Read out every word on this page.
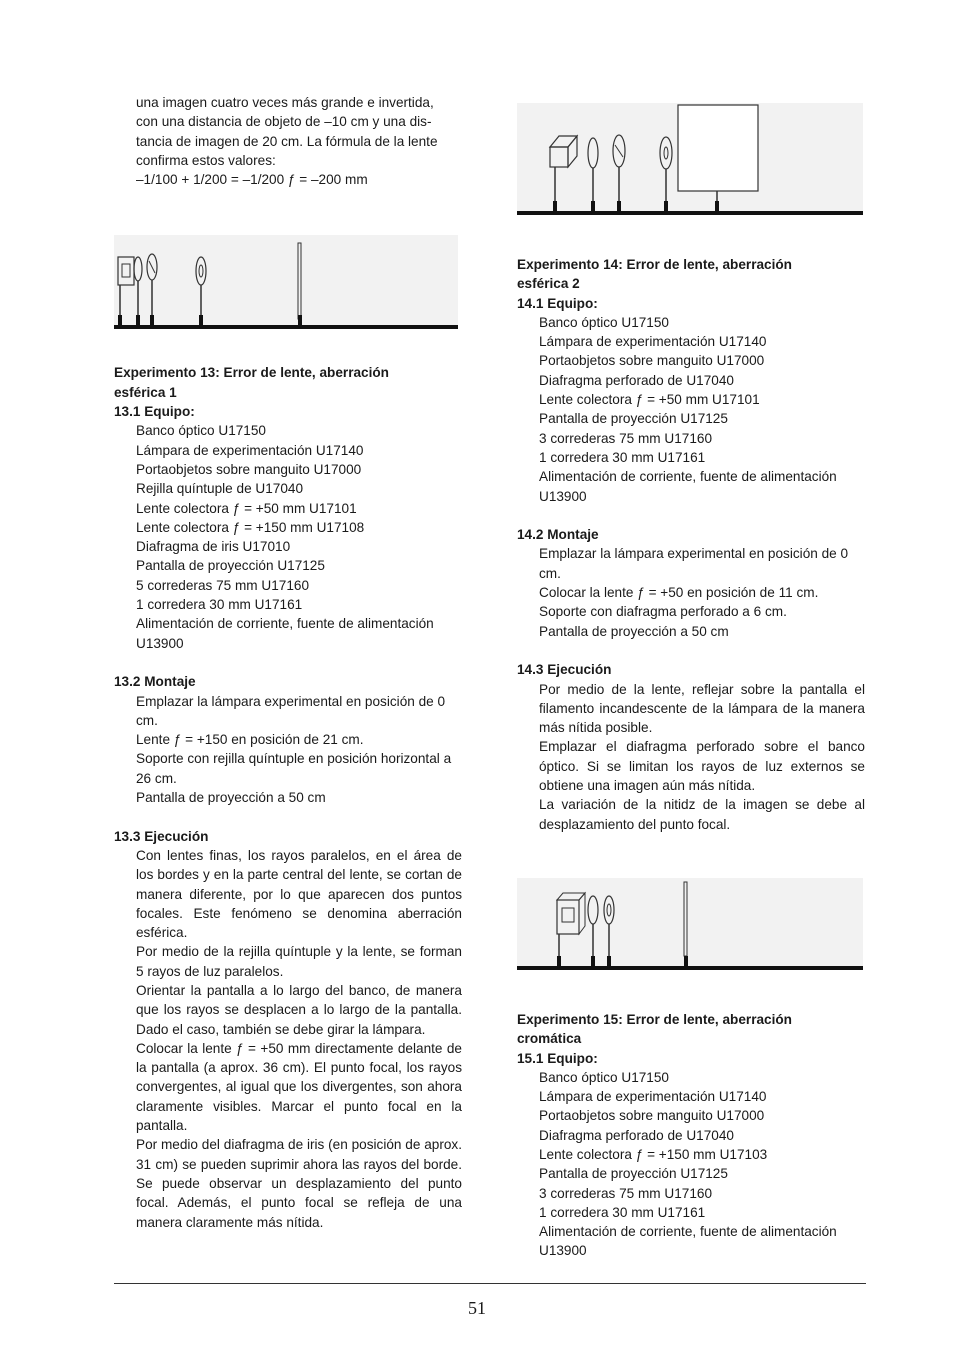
una imagen cuatro veces más grande e invertida,

con una distancia de objeto de –10 cm y una dis-

tancia de imagen de 20 cm. La fórmula de la lente

confirma estos valores:

–1/100 + 1/200 = –1/200 ƒ = –200 mm

Experimento 13: Error de lente, aberración

esférica 1

13.1 Equipo:

Banco óptico U17150

Lámpara de experimentación U17140

Portaobjetos sobre manguito U17000

Rejilla quíntuple de U17040

Lente colectora ƒ = +50 mm U17101

Lente colectora ƒ = +150 mm U17108

Diafragma de iris U17010

Pantalla de proyección U17125

5 correderas 75 mm U17160

1 corredera 30 mm U17161

Alimentación de corriente, fuente de alimentación U13900

13.2 Montaje

Emplazar la lámpara experimental en posición de 0 cm.

Lente ƒ = +150 en posición de 21 cm.

Soporte con rejilla quíntuple en posición horizontal a 26 cm.

Pantalla de proyección a 50 cm

13.3 Ejecución

Con lentes finas, los rayos paralelos, en el área de los bordes y en la parte central del lente, se cortan de manera diferente, por lo que aparecen dos puntos focales. Este fenómeno se denomina aberración esférica.

Por medio de la rejilla quíntuple y la lente, se forman 5 rayos de luz paralelos.

Orientar la pantalla a lo largo del banco, de manera que los rayos se desplacen a lo largo de la pantalla. Dado el caso, también se debe girar la lámpara.

Colocar la lente ƒ = +50 mm directamente delante de la pantalla (a aprox. 36 cm). El punto focal, los rayos convergentes, al igual que los divergentes, son ahora claramente visibles. Marcar el punto focal en la pantalla.

Por medio del diafragma de iris (en posición de aprox. 31 cm) se pueden suprimir ahora las rayos del borde. Se puede observar un desplazamiento del punto focal. Además, el punto focal se refleja de una manera claramente más nítida.

Experimento 14: Error de lente, aberración

esférica 2

14.1 Equipo:

Banco óptico U17150

Lámpara de experimentación U17140

Portaobjetos sobre manguito U17000

Diafragma perforado de U17040

Lente colectora ƒ = +50 mm U17101

Pantalla de proyección U17125

3 correderas 75 mm U17160

1 corredera 30 mm U17161

Alimentación de corriente, fuente de alimentación U13900

14.2 Montaje

Emplazar la lámpara experimental en posición de 0 cm.

Colocar la lente ƒ = +50 en posición de 11 cm.

Soporte con diafragma perforado a 6 cm.

Pantalla de proyección a 50 cm

14.3 Ejecución

Por medio de la lente, reflejar sobre la pantalla el filamento incandescente de la lámpara de la manera más nítida posible.

Emplazar el diafragma perforado sobre el banco óptico. Si se limitan los rayos de luz externos se obtiene una imagen aún más nítida.

La variación de la nitidz de la imagen se debe al desplazamiento del punto focal.

Experimento 15: Error de lente, aberración

cromática

15.1 Equipo:

Banco óptico U17150

Lámpara de experimentación U17140

Portaobjetos sobre manguito U17000

Diafragma perforado de U17040

Lente colectora ƒ = +150 mm U17103

Pantalla de proyección U17125

3 correderas 75 mm U17160

1 corredera 30 mm U17161

Alimentación de corriente, fuente de alimentación U13900

51
